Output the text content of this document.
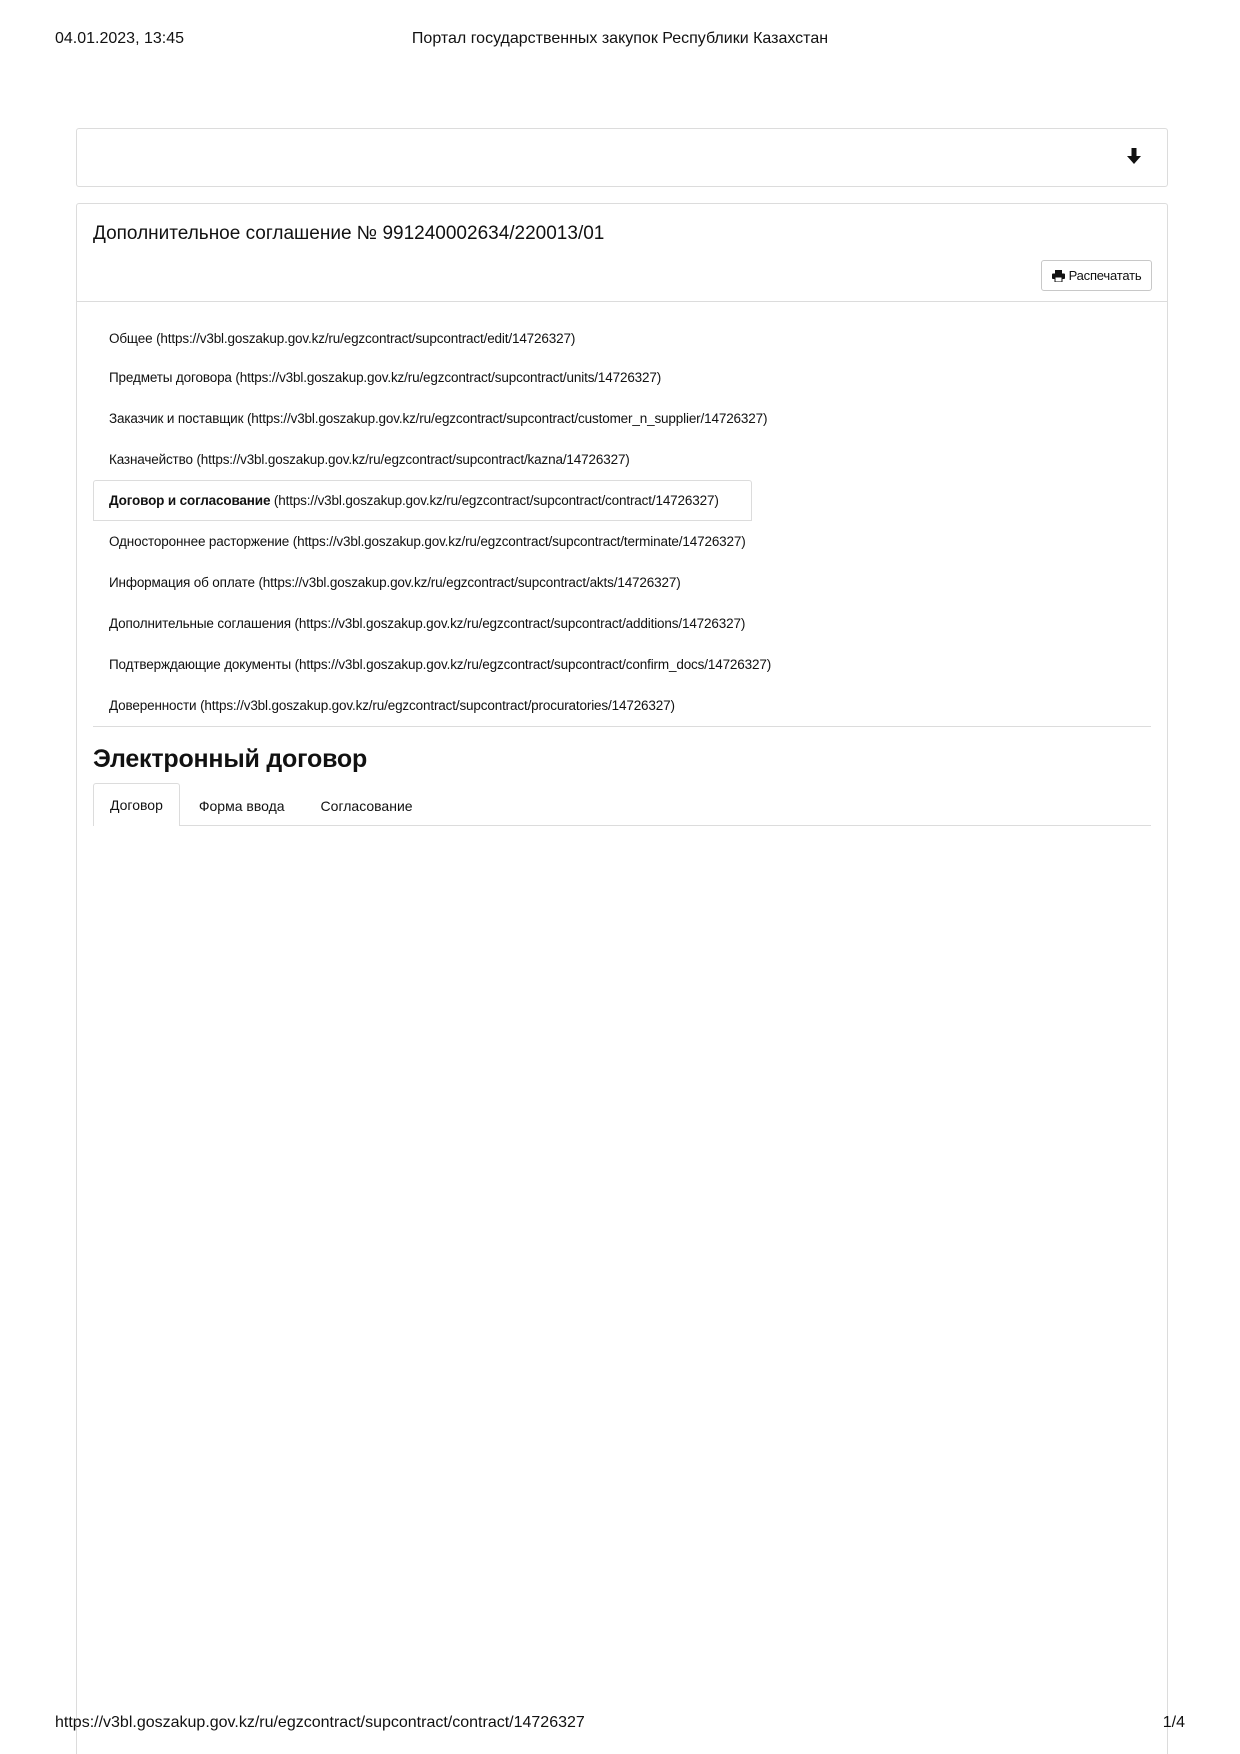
04.01.2023, 13:45	Портал государственных закупок Республики Казахстан
Дополнительное соглашение № 991240002634/220013/01
Распечатать
Общее
(https://v3bl.goszakup.gov.kz/ru/egzcontract/supcontract/edit/14726327)
Предметы договора
(https://v3bl.goszakup.gov.kz/ru/egzcontract/supcontract/units/14726327)
Заказчик и поставщик
(https://v3bl.goszakup.gov.kz/ru/egzcontract/supcontract/customer_n_supplier/14726327)
Казначейство
(https://v3bl.goszakup.gov.kz/ru/egzcontract/supcontract/kazna/14726327)
Договор и согласование
(https://v3bl.goszakup.gov.kz/ru/egzcontract/supcontract/contract/14726327)
Одностороннее расторжение
(https://v3bl.goszakup.gov.kz/ru/egzcontract/supcontract/terminate/14726327)
Информация об оплате
(https://v3bl.goszakup.gov.kz/ru/egzcontract/supcontract/akts/14726327)
Дополнительные соглашения
(https://v3bl.goszakup.gov.kz/ru/egzcontract/supcontract/additions/14726327)
Подтверждающие документы
(https://v3bl.goszakup.gov.kz/ru/egzcontract/supcontract/confirm_docs/14726327)
Доверенности
(https://v3bl.goszakup.gov.kz/ru/egzcontract/supcontract/procuratories/14726327)
Электронный договор
Договор	Форма ввода	Согласование
https://v3bl.goszakup.gov.kz/ru/egzcontract/supcontract/contract/14726327	1/4
